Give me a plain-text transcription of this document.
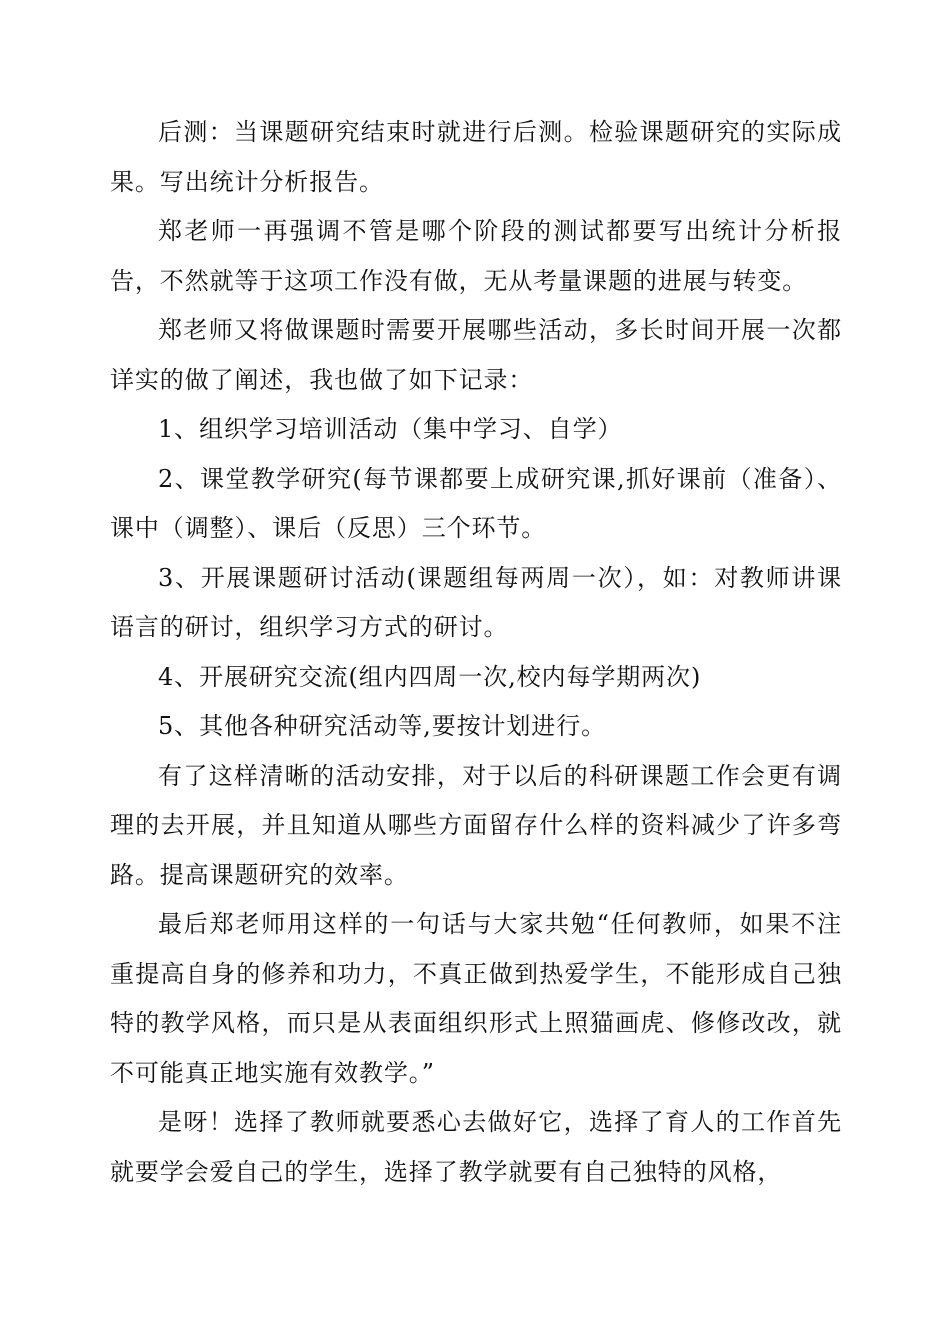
后测：当课题研究结束时就进行后测。检验课题研究的实际成果。写出统计分析报告。

郑老师一再强调不管是哪个阶段的测试都要写出统计分析报告，不然就等于这项工作没有做，无从考量课题的进展与转变。

郑老师又将做课题时需要开展哪些活动，多长时间开展一次都详实的做了阐述，我也做了如下记录：

1、组织学习培训活动（集中学习、自学）

2、课堂教学研究(每节课都要上成研究课,抓好课前（准备）、课中（调整）、课后（反思）三个环节。

3、开展课题研讨活动(课题组每两周一次），如：对教师讲课语言的研讨，组织学习方式的研讨。

4、开展研究交流(组内四周一次,校内每学期两次)

5、其他各种研究活动等,要按计划进行。

有了这样清晰的活动安排，对于以后的科研课题工作会更有调理的去开展，并且知道从哪些方面留存什么样的资料减少了许多弯路。提高课题研究的效率。

最后郑老师用这样的一句话与大家共勉“任何教师，如果不注重提高自身的修养和功力，不真正做到热爱学生，不能形成自己独特的教学风格，而只是从表面组织形式上照猫画虎、修修改改，就不可能真正地实施有效教学。”

是呀！选择了教师就要悉心去做好它，选择了育人的工作首先就要学会爱自己的学生，选择了教学就要有自己独特的风格，
